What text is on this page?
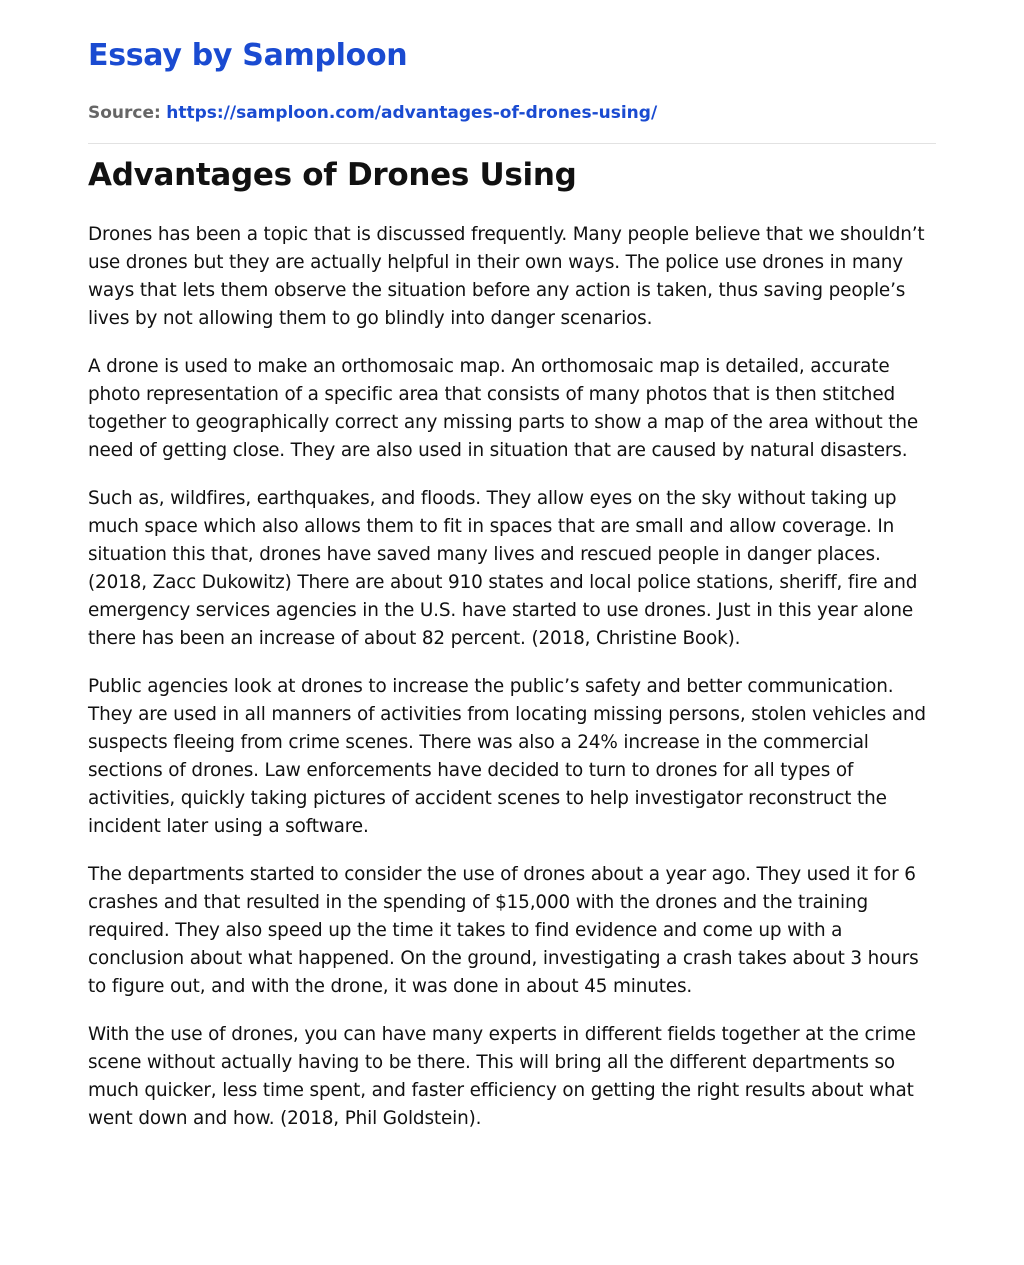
Essay by Samploon
Source: https://samploon.com/advantages-of-drones-using/
Advantages of Drones Using

Drones has been a topic that is discussed frequently. Many people believe that we shouldn’t use drones but they are actually helpful in their own ways. The police use drones in many ways that lets them observe the situation before any action is taken, thus saving people’s lives by not allowing them to go blindly into danger scenarios.

A drone is used to make an orthomosaic map. An orthomosaic map is detailed, accurate photo representation of a specific area that consists of many photos that is then stitched together to geographically correct any missing parts to show a map of the area without the need of getting close. They are also used in situation that are caused by natural disasters.

Such as, wildfires, earthquakes, and floods. They allow eyes on the sky without taking up much space which also allows them to fit in spaces that are small and allow coverage. In situation this that, drones have saved many lives and rescued people in danger places. (2018, Zacc Dukowitz) There are about 910 states and local police stations, sheriff, fire and emergency services agencies in the U.S. have started to use drones. Just in this year alone there has been an increase of about 82 percent. (2018, Christine Book).

Public agencies look at drones to increase the public’s safety and better communication. They are used in all manners of activities from locating missing persons, stolen vehicles and suspects fleeing from crime scenes. There was also a 24% increase in the commercial sections of drones. Law enforcements have decided to turn to drones for all types of activities, quickly taking pictures of accident scenes to help investigator reconstruct the incident later using a software.

The departments started to consider the use of drones about a year ago. They used it for 6 crashes and that resulted in the spending of $15,000 with the drones and the training required. They also speed up the time it takes to find evidence and come up with a conclusion about what happened. On the ground, investigating a crash takes about 3 hours to figure out, and with the drone, it was done in about 45 minutes.

With the use of drones, you can have many experts in different fields together at the crime scene without actually having to be there. This will bring all the different departments so much quicker, less time spent, and faster efficiency on getting the right results about what went down and how. (2018, Phil Goldstein).
